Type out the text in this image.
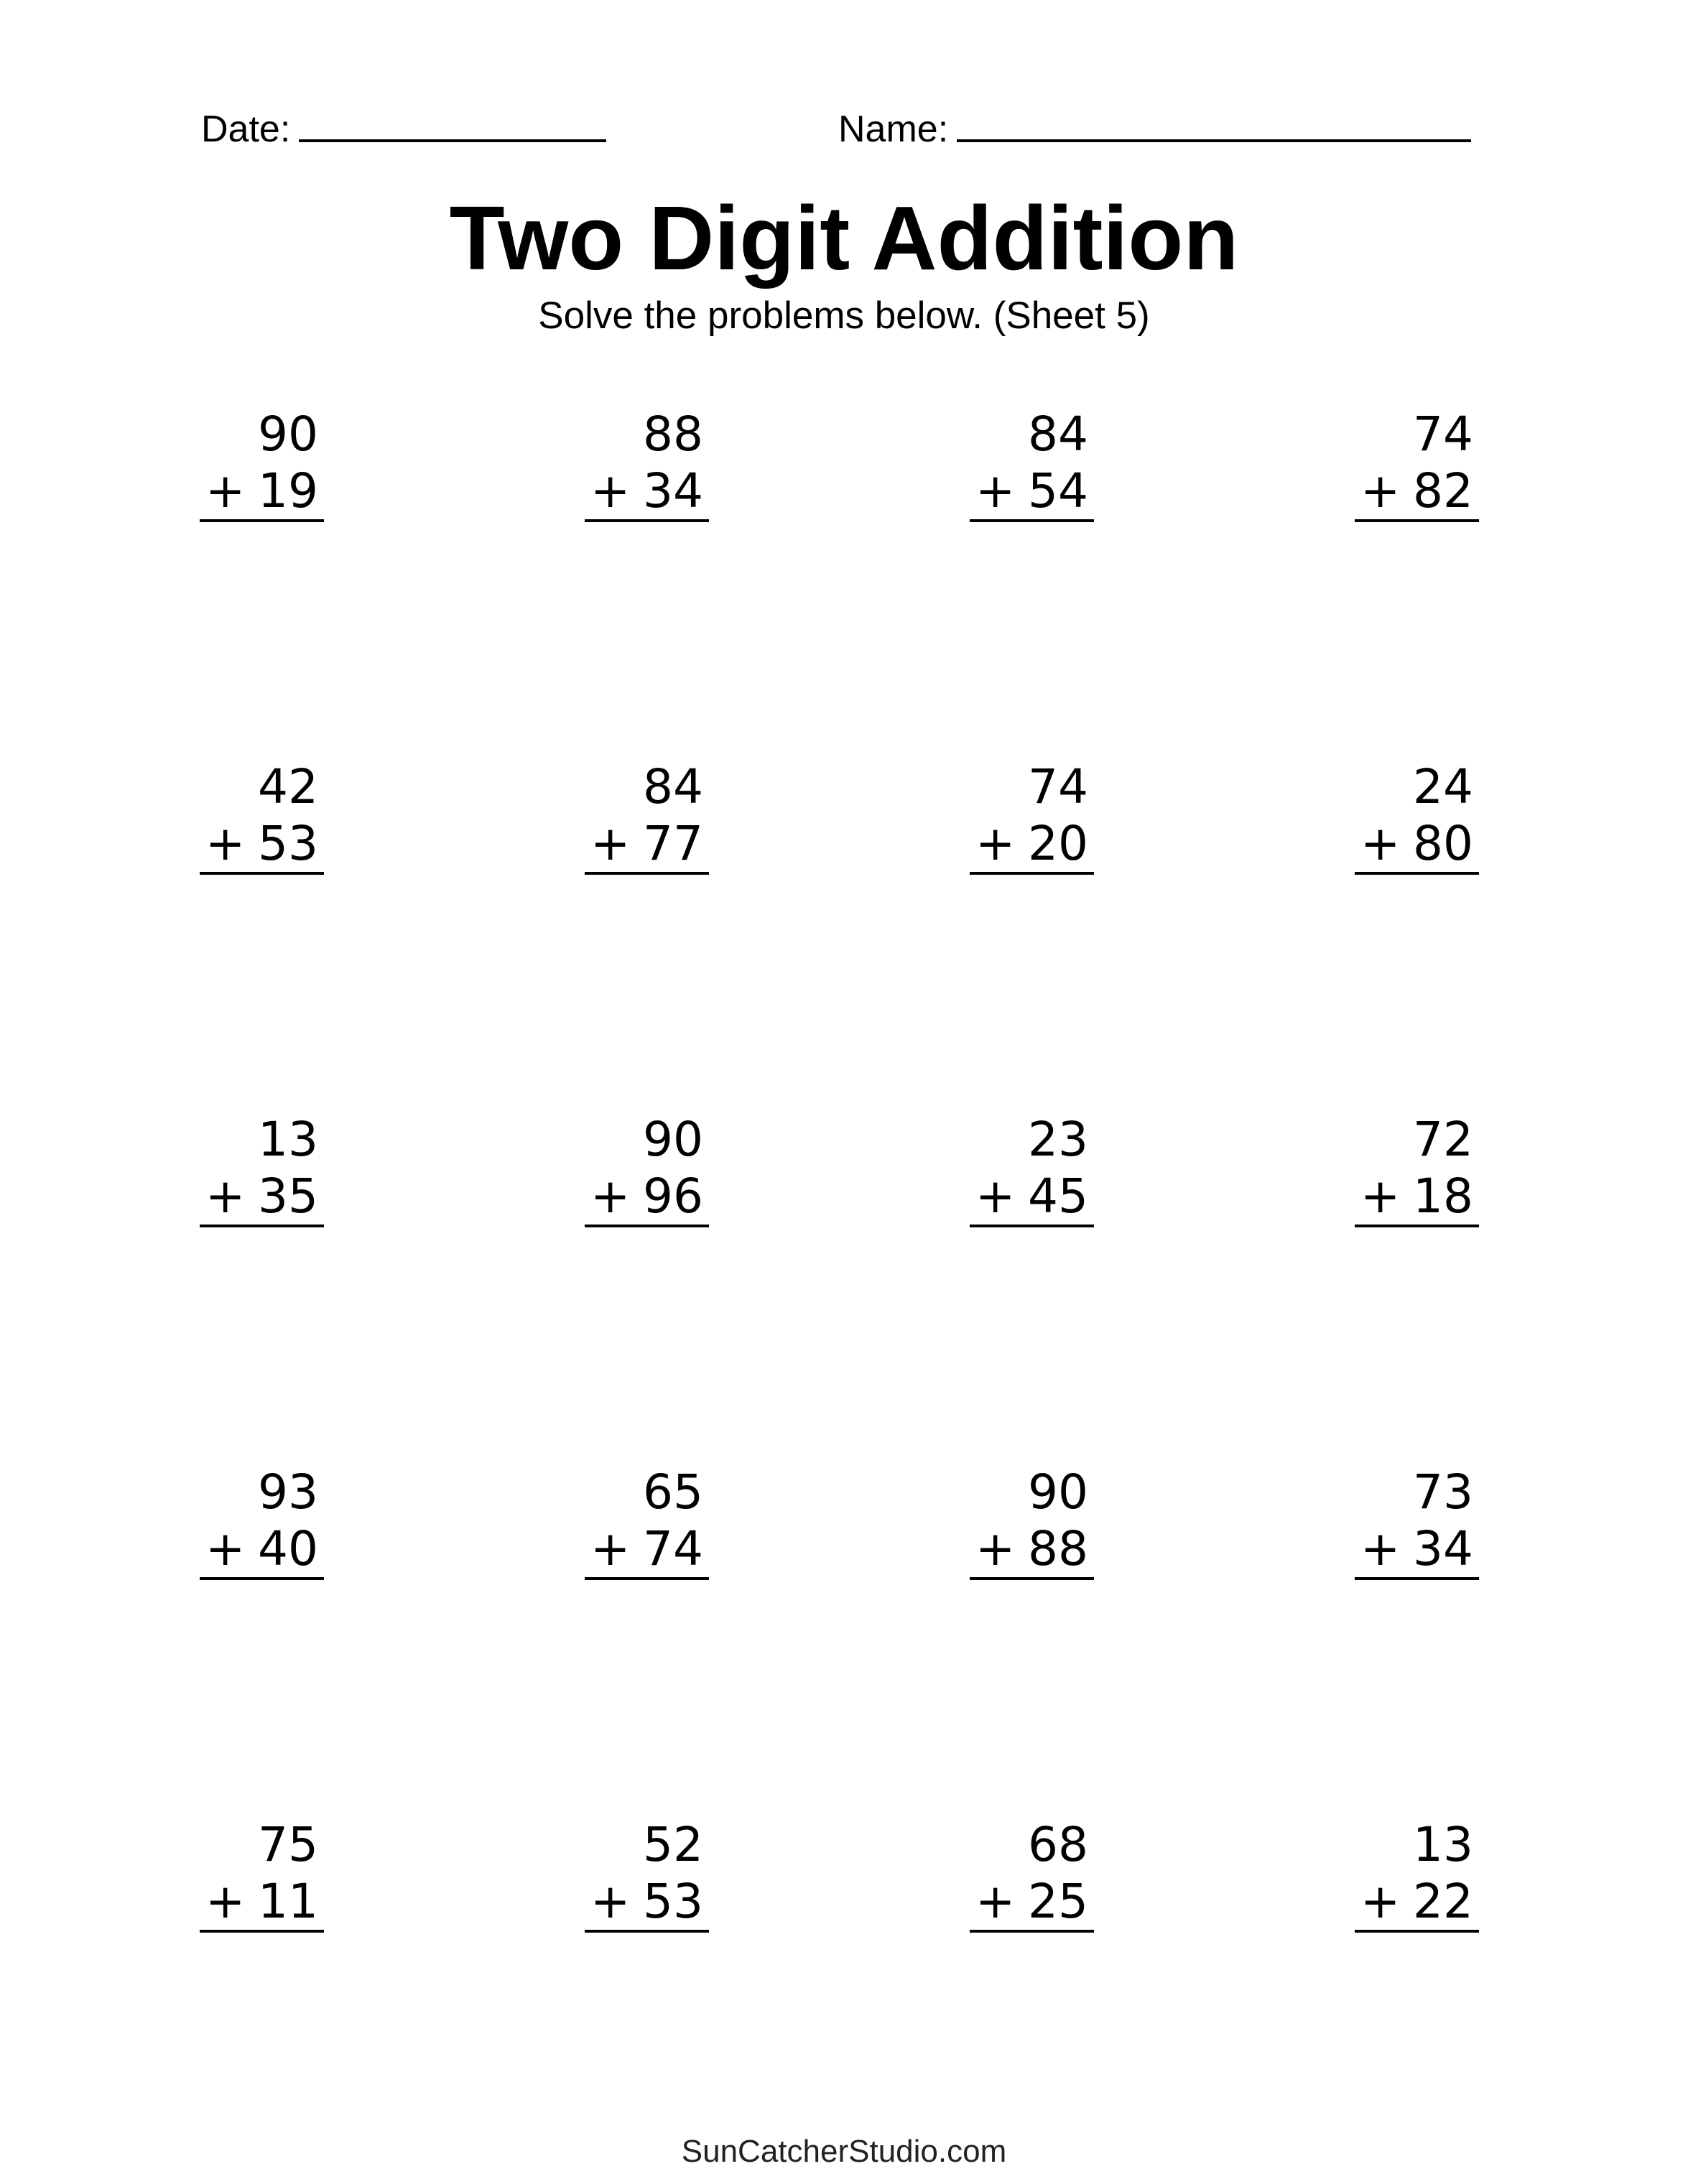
Date:	Name:
Two Digit Addition
Solve the problems below. (Sheet 5)
90
+ 19
88
+ 34
84
+ 54
74
+ 82
42
+ 53
84
+ 77
74
+ 20
24
+ 80
13
+ 35
90
+ 96
23
+ 45
72
+ 18
93
+ 40
65
+ 74
90
+ 88
73
+ 34
75
+ 11
52
+ 53
68
+ 25
13
+ 22
SunCatcherStudio.com
